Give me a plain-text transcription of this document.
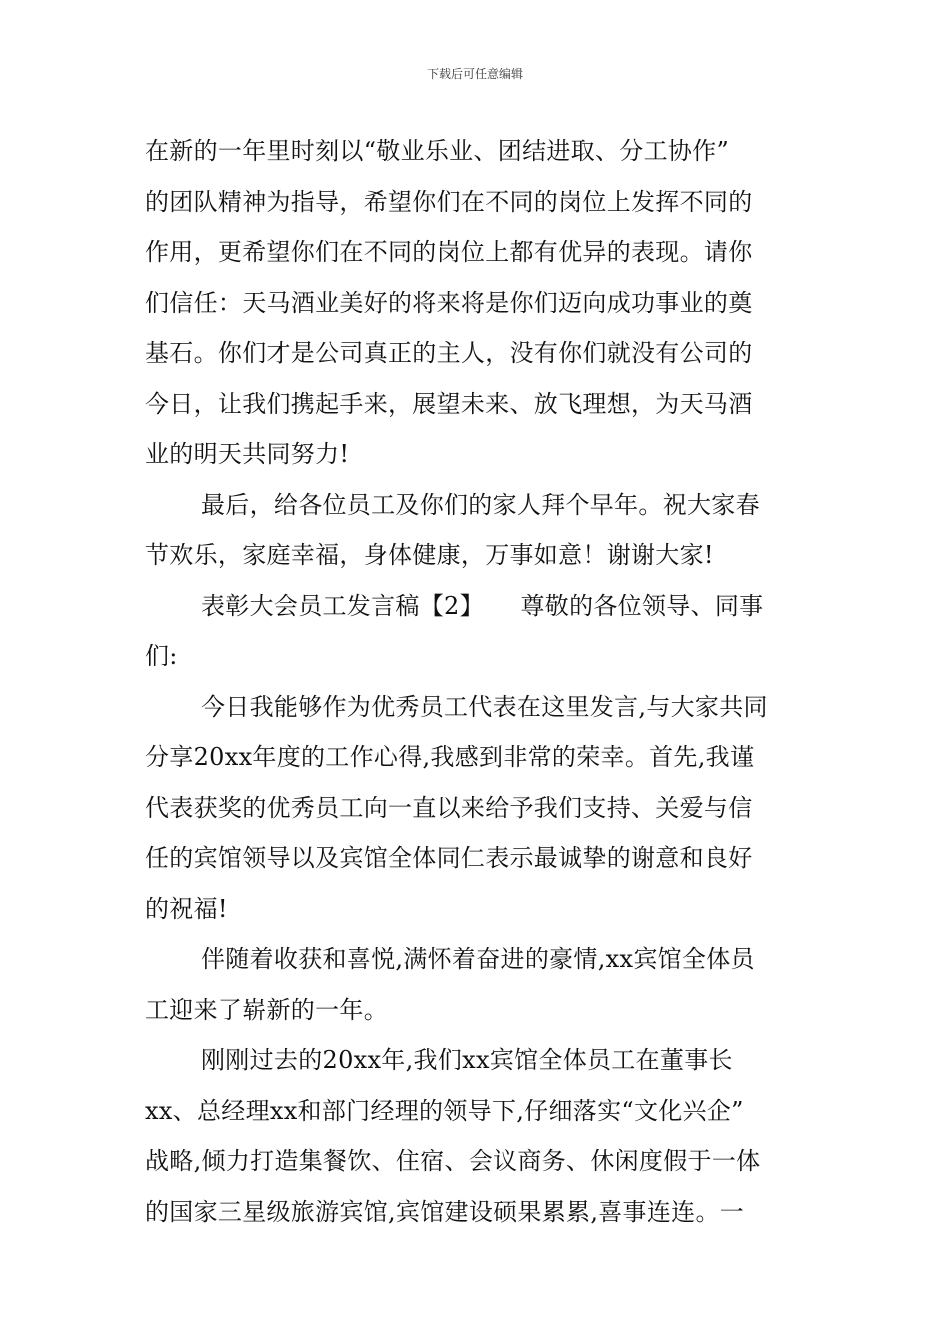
下载后可任意编辑
在新的一年里时刻以“敬业乐业、团结进取、分工协作”
的团队精神为指导，希望你们在不同的岗位上发挥不同的
作用，更希望你们在不同的岗位上都有优异的表现。请你
们信任：天马酒业美好的将来将是你们迈向成功事业的奠
基石。你们才是公司真正的主人，没有你们就没有公司的
今日，让我们携起手来，展望未来、放飞理想，为天马酒
业的明天共同努力!
最后，给各位员工及你们的家人拜个早年。祝大家春
节欢乐，家庭幸福，身体健康，万事如意！谢谢大家!
表彰大会员工发言稿【2】　　尊敬的各位领导、同事
们:
今日我能够作为优秀员工代表在这里发言,与大家共同
分享20xx年度的工作心得,我感到非常的荣幸。首先,我谨
代表获奖的优秀员工向一直以来给予我们支持、关爱与信
任的宾馆领导以及宾馆全体同仁表示最诚挚的谢意和良好
的祝福!
伴随着收获和喜悦,满怀着奋进的豪情,xx宾馆全体员
工迎来了崭新的一年。
刚刚过去的20xx年,我们xx宾馆全体员工在董事长
xx、总经理xx和部门经理的领导下,仔细落实“文化兴企”
战略,倾力打造集餐饮、住宿、会议商务、休闲度假于一体
的国家三星级旅游宾馆,宾馆建设硕果累累,喜事连连。一
